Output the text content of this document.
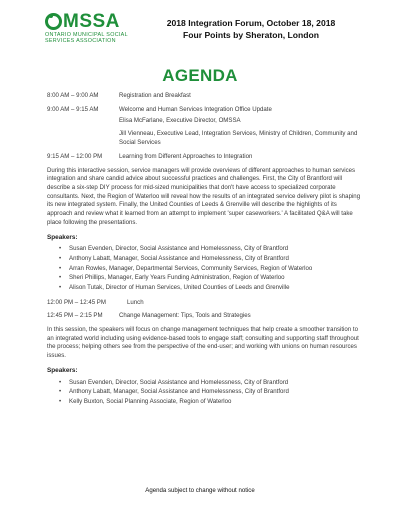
MSSA
ONTARIO MUNICIPAL SOCIAL
SERVICES ASSOCIATION
2018 Integration Forum, October 18, 2018
Four Points by Sheraton, London
AGENDA
8:00 AM – 9:00 AM	Registration and Breakfast
9:00 AM – 9:15 AM	Welcome and Human Services Integration Office Update
Elisa McFarlane, Executive Director, OMSSA
Jill Vienneau, Executive Lead, Integration Services, Ministry of Children, Community and Social Services
9:15 AM – 12:00 PM	Learning from Different Approaches to Integration

During this interactive session, service managers will provide overviews of different approaches to human services integration and share candid advice about successful practices and challenges. First, the City of Brantford will describe a six-step DIY process for mid-sized municipalities that don't have access to specialized corporate consultants. Next, the Region of Waterloo will reveal how the results of an integrated service delivery pilot is shaping its new integrated system. Finally, the United Counties of Leeds & Grenville will describe the highlights of its approach and review what it learned from an attempt to implement 'super caseworkers.' A facilitated Q&A will take place following the presentations.

Speakers:
• Susan Evenden, Director, Social Assistance and Homelessness, City of Brantford
• Anthony Labatt, Manager, Social Assistance and Homelessness, City of Brantford
• Arran Rowles, Manager, Departmental Services, Community Services, Region of Waterloo
• Sheri Phillips, Manager, Early Years Funding Administration, Region of Waterloo
• Alison Tutak, Director of Human Services, United Counties of Leeds and Grenville
12:00 PM – 12:45 PM	Lunch
12:45 PM – 2:15 PM	Change Management: Tips, Tools and Strategies

In this session, the speakers will focus on change management techniques that help create a smoother transition to an integrated world including using evidence-based tools to engage staff; consulting and supporting staff throughout the process; helping others see from the perspective of the end-user; and working with unions on human resources issues.

Speakers:
• Susan Evenden, Director, Social Assistance and Homelessness, City of Brantford
• Anthony Labatt, Manager, Social Assistance and Homelessness, City of Brantford
• Kelly Buxton, Social Planning Associate, Region of Waterloo
Agenda subject to change without notice
